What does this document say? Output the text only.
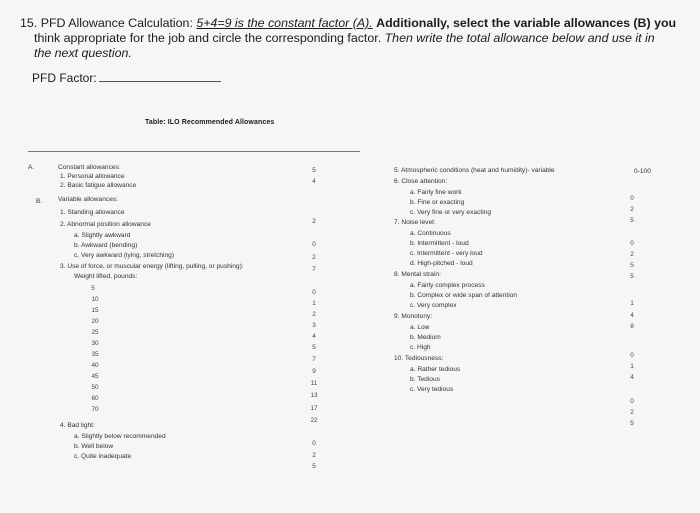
15. PFD Allowance Calculation: 5+4=9 is the constant factor (A). Additionally, select the variable allowances (B) you
think appropriate for the job and circle the corresponding factor. Then write the total allowance below and use it in
the next question.
PFD Factor:
Table: ILO Recommended Allowances
A.	Constant allowances:
1. Personal allowance
5
2. Basic fatigue allowance
4
B. Variable allowances:
1. Standing allowance
2
2. Abnormal position allowance
a. Slightly awkward
0
b. Awkward (bending)
2
c. Very awkward (lying, stretching)
7
3. Use of force, or muscular energy (lifting, pulling, or pushing):
Weight lifted, pounds:
5
0
10
1
15
2
20
3
25
4
30
5
35
7
40
9
45
11
50
13
60
17
70
22
4. Bad light:
a. Slightly below recommended
0
b. Well below
2
c. Quite inadequate
5
5. Atmospheric conditions (heat and humidity)- variable	0-100
6. Close attention:
a. Fairly fine work
0
b. Fine or exacting
2
c. Very fine or very exacting
5
7. Noise level:
a. Continuous
0
b. Intermittent - loud
2
c. Intermittent - very loud
5
d. High-pitched - loud
5
8. Mental strain:
a. Fairly complex process
1
b. Complex or wide span of attention
4
c. Very complex
8
9. Monotony:
a. Low
0
b. Medium
1
c. High
4
10. Tediousness:
a. Rather tedious
0
b. Tedious
2
c. Very tedious
5
